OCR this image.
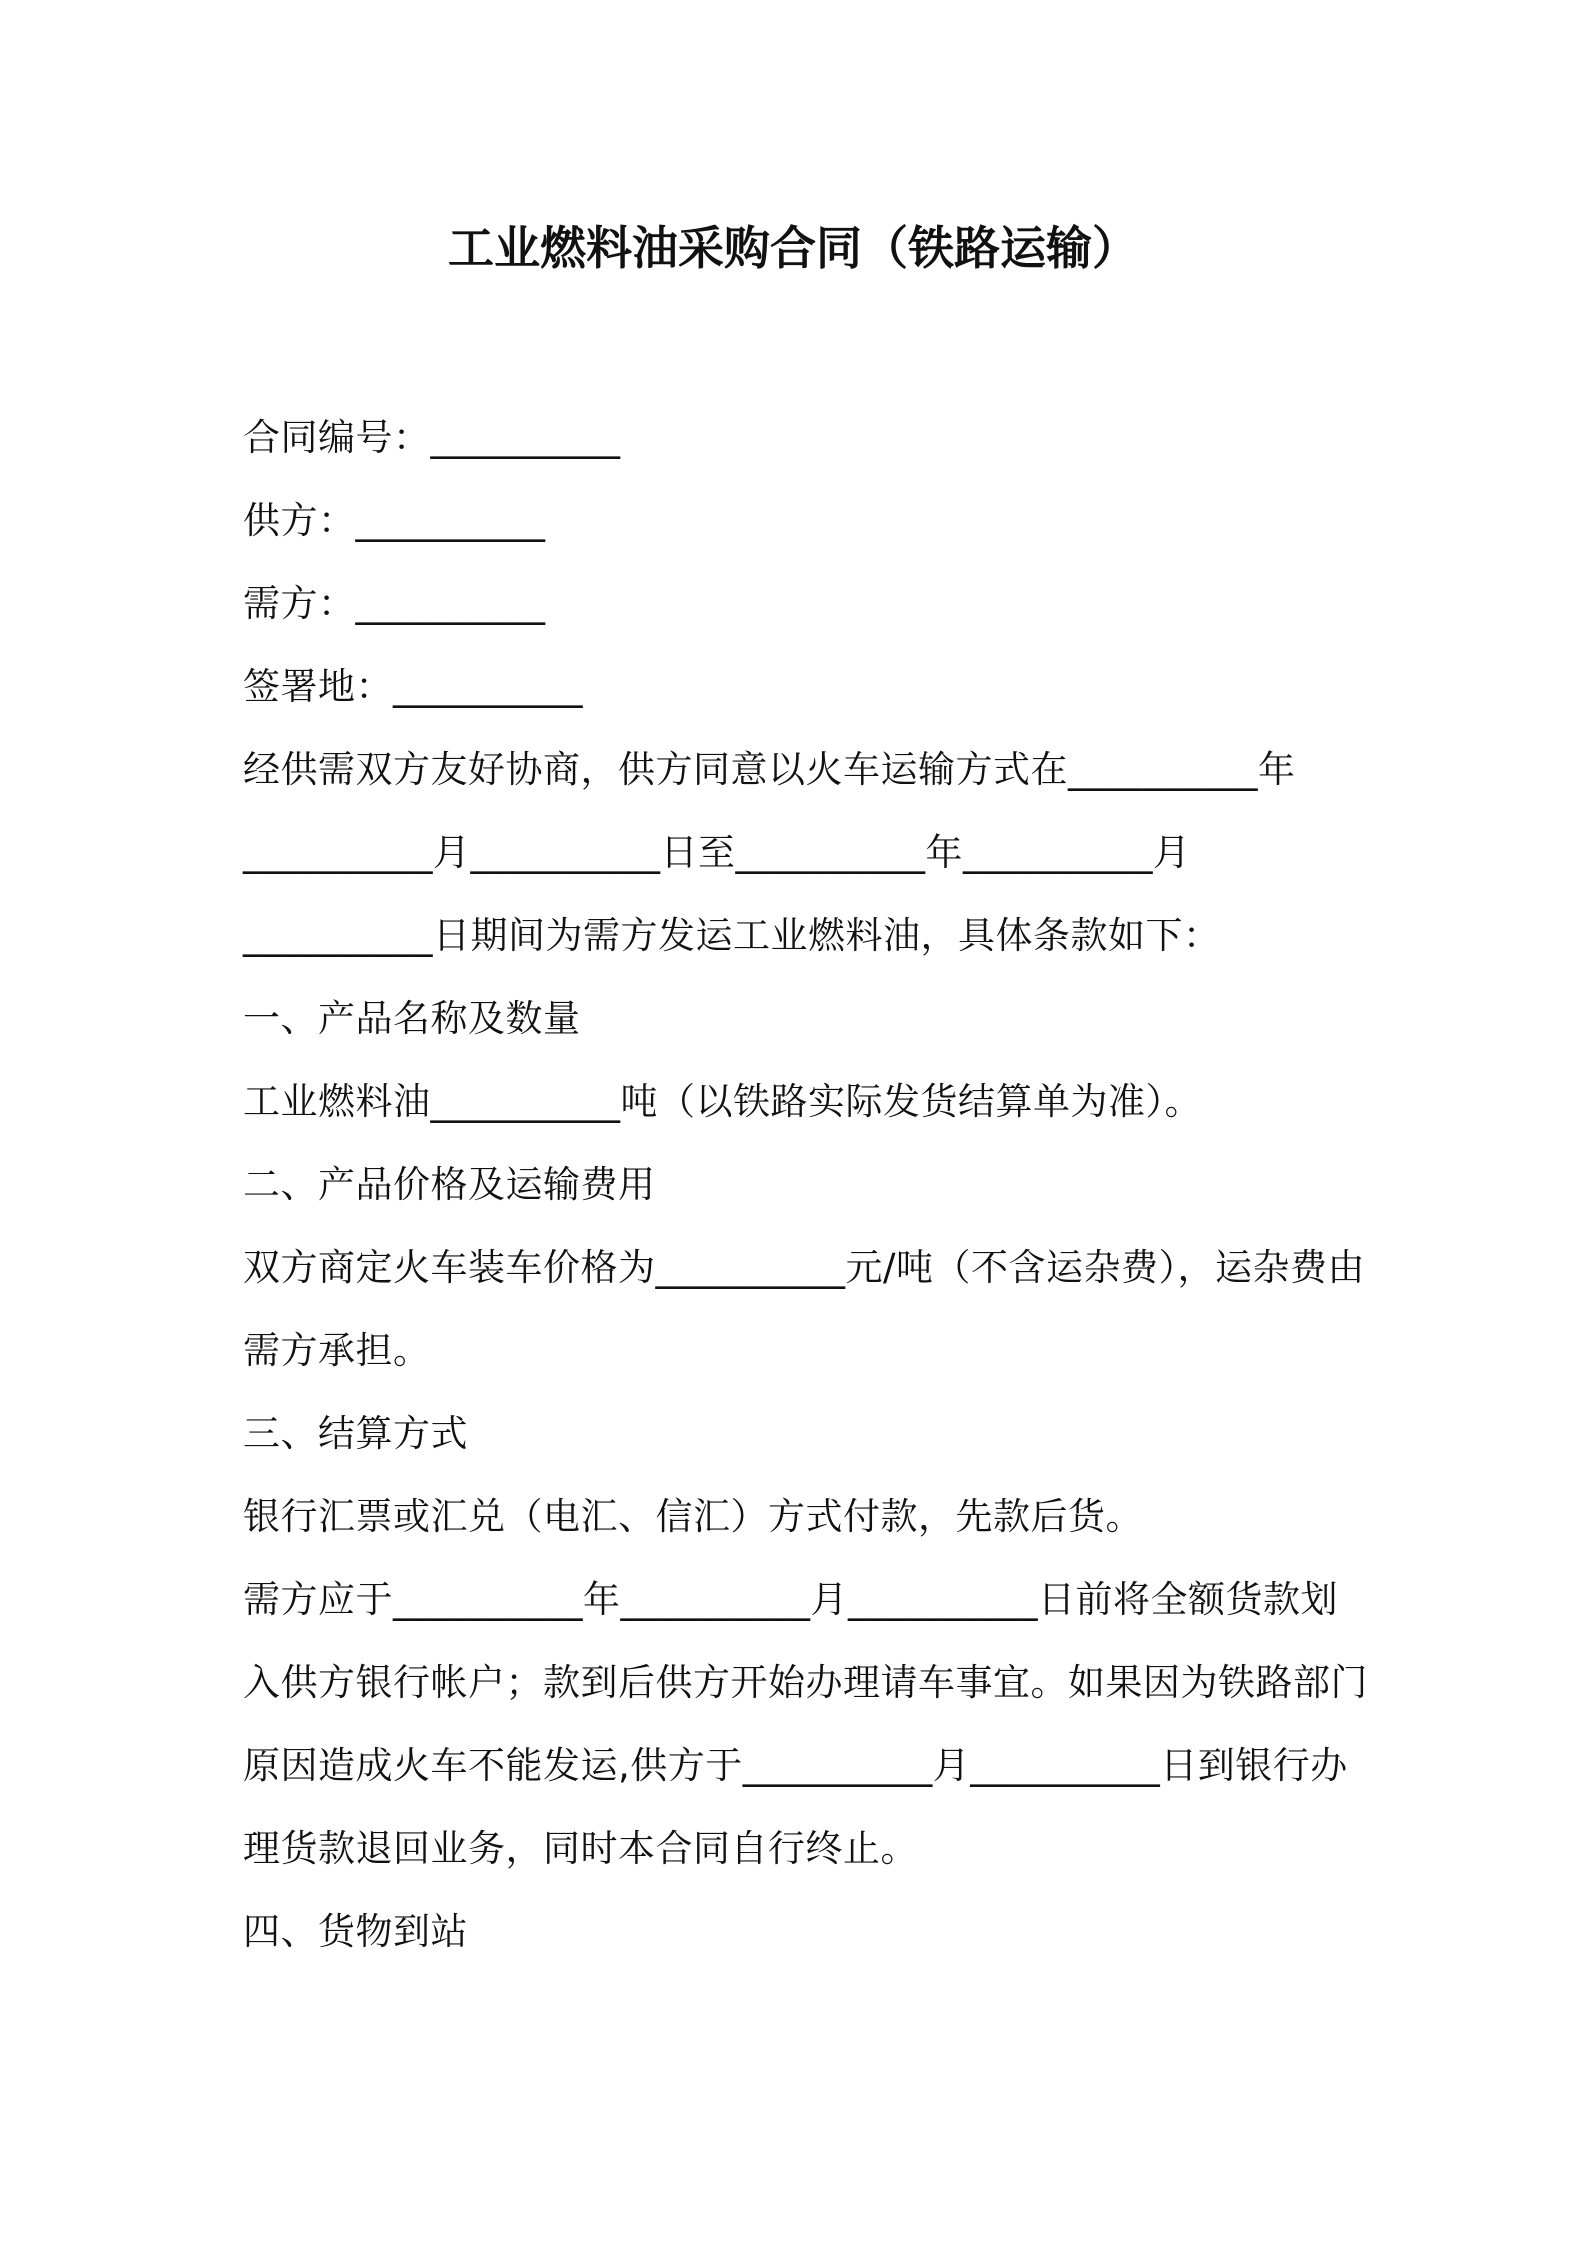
工业燃料油采购合同（铁路运输）
合同编号：__________
供方：__________
需方：__________
签署地：__________
经供需双方友好协商，供方同意以火车运输方式在__________年
__________月__________日至__________年__________月
__________日期间为需方发运工业燃料油，具体条款如下：
一、产品名称及数量
工业燃料油__________吨（以铁路实际发货结算单为准）。
二、产品价格及运输费用
双方商定火车装车价格为__________元/吨（不含运杂费），运杂费由
需方承担。
三、结算方式
银行汇票或汇兑（电汇、信汇）方式付款，先款后货。
需方应于__________年__________月__________日前将全额货款划
入供方银行帐户；款到后供方开始办理请车事宜。如果因为铁路部门
原因造成火车不能发运,供方于__________月__________日到银行办
理货款退回业务，同时本合同自行终止。
四、货物到站
